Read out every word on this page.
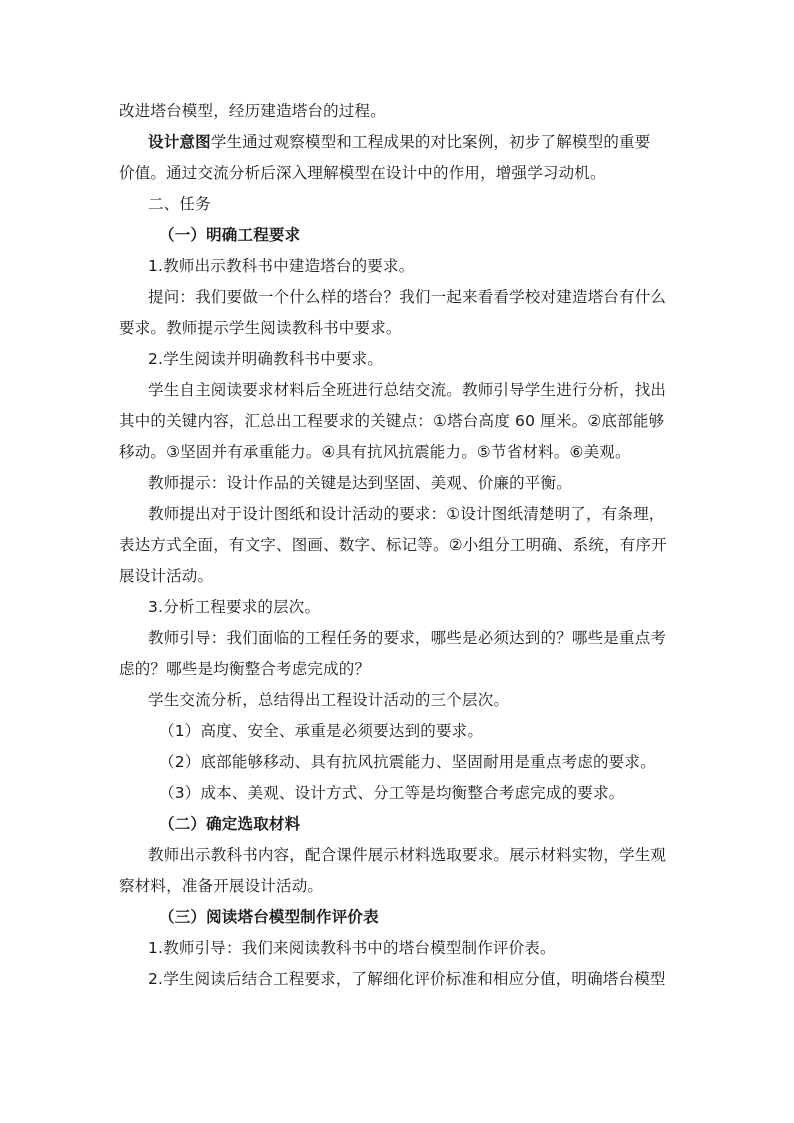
改进塔台模型，经历建造塔台的过程。
设计意图学生通过观察模型和工程成果的对比案例，初步了解模型的重要
价值。通过交流分析后深入理解模型在设计中的作用，增强学习动机。
二、任务
（一）明确工程要求
1.教师出示教科书中建造塔台的要求。
提问：我们要做一个什么样的塔台？我们一起来看看学校对建造塔台有什么
要求。教师提示学生阅读教科书中要求。
2.学生阅读并明确教科书中要求。
学生自主阅读要求材料后全班进行总结交流。教师引导学生进行分析，找出
其中的关键内容，汇总出工程要求的关键点：①塔台高度 60 厘米。②底部能够
移动。③坚固并有承重能力。④具有抗风抗震能力。⑤节省材料。⑥美观。
教师提示：设计作品的关键是达到坚固、美观、价廉的平衡。
教师提出对于设计图纸和设计活动的要求：①设计图纸清楚明了，有条理，
表达方式全面，有文字、图画、数字、标记等。②小组分工明确、系统，有序开
展设计活动。
3.分析工程要求的层次。
教师引导：我们面临的工程任务的要求，哪些是必须达到的？哪些是重点考
虑的？哪些是均衡整合考虑完成的？
学生交流分析，总结得出工程设计活动的三个层次。
（1）高度、安全、承重是必须要达到的要求。
（2）底部能够移动、具有抗风抗震能力、坚固耐用是重点考虑的要求。
（3）成本、美观、设计方式、分工等是均衡整合考虑完成的要求。
（二）确定选取材料
教师出示教科书内容，配合课件展示材料选取要求。展示材料实物，学生观
察材料，准备开展设计活动。
（三）阅读塔台模型制作评价表
1.教师引导：我们来阅读教科书中的塔台模型制作评价表。
2.学生阅读后结合工程要求，了解细化评价标准和相应分值，明确塔台模型
